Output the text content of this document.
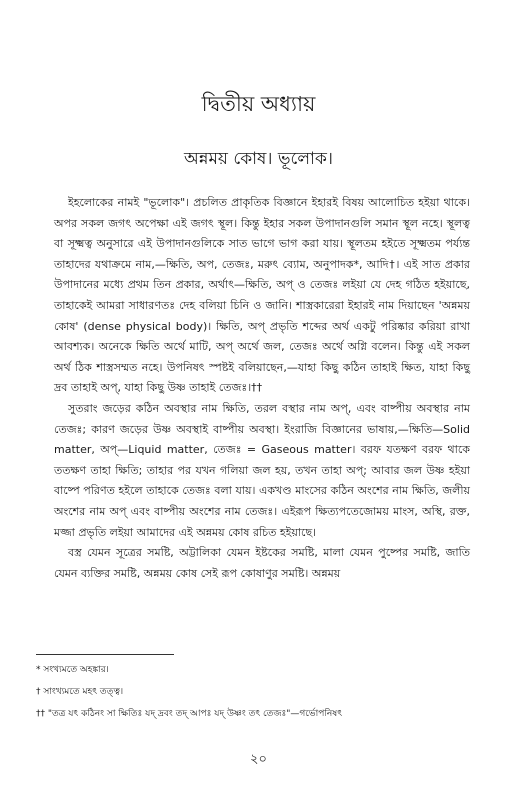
দ্বিতীয় অধ্যায়
অন্নময় কোষ। ভূলোক।

ইহলোকের নামই "ভূলোক"। প্রচলিত প্রাকৃতিক বিজ্ঞানে ইহারই বিষয় আলোচিত হইয়া থাকে। অপর সকল জগৎ অপেক্ষা এই জগৎ স্থূল। কিন্তু ইহার সকল উপাদানগুলি সমান স্থূল নহে। স্থূলত্ব বা সূক্ষ্মত্ব অনুসারে এই উপাদানগুলিকে সাত ভাগে ভাগ করা যায়। স্থূলতম হইতে সূক্ষ্মতম পর্য্যন্ত তাহাদের যথাক্রমে নাম,—ক্ষিতি, অপ, তেজঃ, মরুৎ ব্যোম, অনুপাদক*, আদি†। এই সাত প্রকার উপাদানের মধ্যে প্রথম তিন প্রকার, অর্থাৎ—ক্ষিতি, অপ্ ও তেজঃ লইয়া যে দেহ গঠিত হইয়াছে, তাহাকেই আমরা সাধারণতঃ দেহ বলিয়া চিনি ও জানি। শাস্ত্রকারেরা ইহারই নাম দিয়াছেন 'অন্নময় কোষ' (dense physical body)। ক্ষিতি, অপ্ প্রভৃতি শব্দের অর্থ একটু পরিষ্কার করিয়া রাখা আবশ্যক। অনেকে ক্ষিতি অর্থে মাটি, অপ্ অর্থে জল, তেজঃ অর্থে অগ্নি বলেন। কিন্তু এই সকল অর্থ ঠিক শাস্ত্রসম্মত নহে। উপনিষৎ স্পষ্টই বলিয়াছেন,—যাহা কিছু কঠিন তাহাই ক্ষিত, যাহা কিছু দ্রব তাহাই অপ্, যাহা কিছু উষ্ণ তাহাই তেজঃ।††

সুতরাং জড়ের কঠিন অবস্থার নাম ক্ষিতি, তরল বস্থার নাম অপ্, এবং বাষ্পীয় অবস্থার নাম তেজঃ; কারণ জড়ের উষ্ণ অবস্থাই বাষ্পীয় অবস্থা। ইংরাজি বিজ্ঞানের ভাষায়,—ক্ষিতি—Solid matter, অপ্—Liquid matter, তেজঃ = Gaseous matter। বরফ যতক্ষণ বরফ থাকে ততক্ষণ তাহা ক্ষিতি; তাহার পর যখন গলিয়া জল হয়, তখন তাহা অপ্; আবার জল উষ্ণ হইয়া বাষ্পে পরিণত হইলে তাহাকে তেজঃ বলা যায়। একখণ্ড মাংসের কঠিন অংশের নাম ক্ষিতি, জলীয় অংশের নাম অপ্ এবং বাষ্পীয় অংশের নাম তেজঃ। এইরূপ ক্ষিত্যপতেজোময় মাংস, অস্থি, রক্ত, মজ্জা প্রভৃতি লইয়া আমাদের এই অন্নময় কোষ রচিত হইয়াছে।

বস্ত্র যেমন সূত্রের সমষ্টি, অট্টালিকা যেমন ইষ্টকের সমষ্টি, মালা যেমন পুষ্পের সমষ্টি, জাতি যেমন ব্যক্তির সমষ্টি, অন্নময় কোষ সেই রূপ কোষাণুর সমষ্টি। অন্নময়

* সংখ্যমতে অহঙ্কার।
† সাংখ্যমতে মহৎ তত্ত্ব।
†† "তত্র যৎ কঠিনং সা ক্ষিতিঃ যদ্ দ্রবং তদ্ আপঃ যদ্ উষ্ণং তৎ তেজঃ"—গর্ভোপনিষৎ
২০
